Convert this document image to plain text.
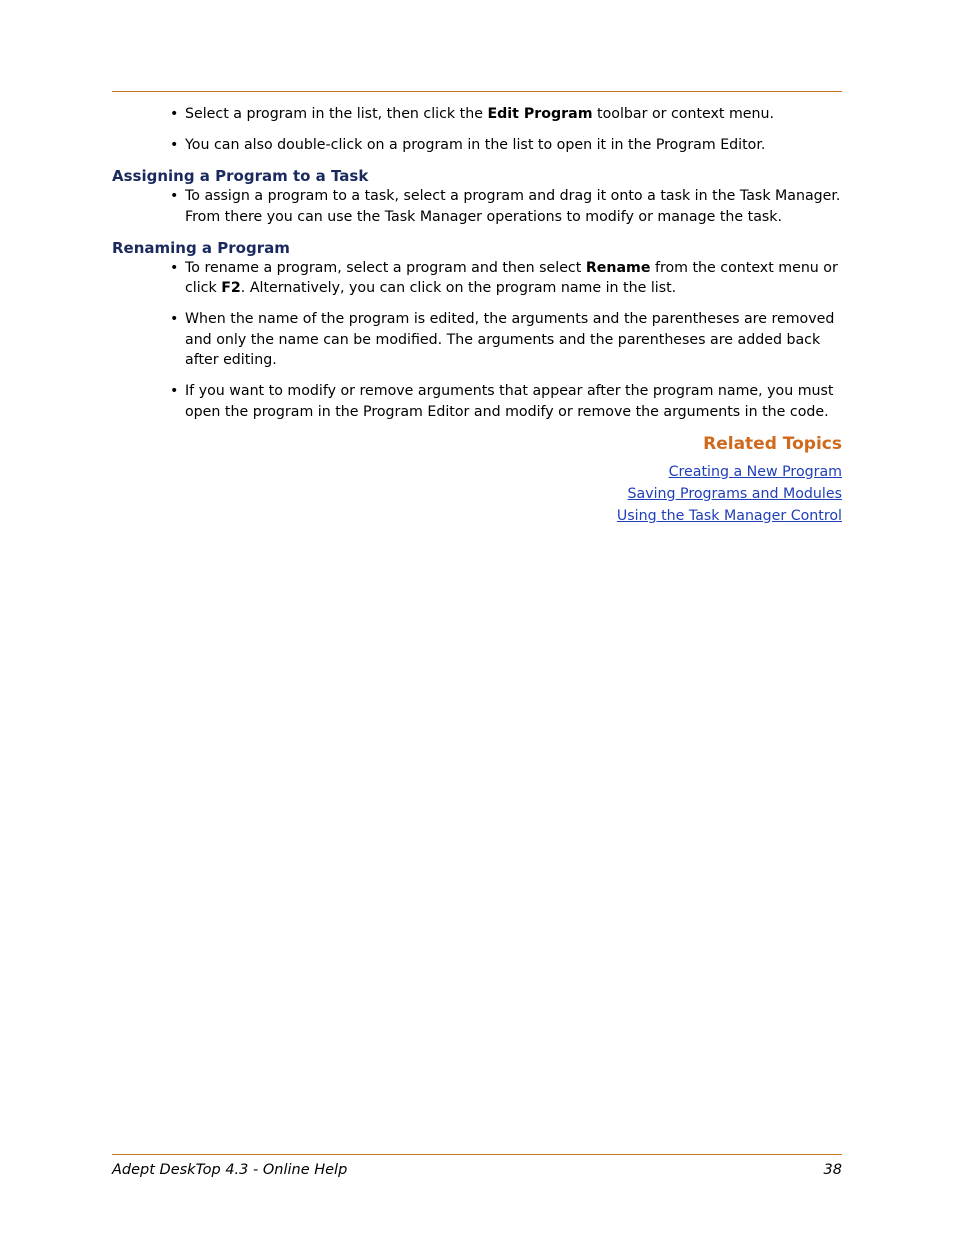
• Select a program in the list, then click the Edit Program toolbar or context menu.
• You can also double-click on a program in the list to open it in the Program Editor.
Assigning a Program to a Task
• To assign a program to a task, select a program and drag it onto a task in the Task Manager. From there you can use the Task Manager operations to modify or manage the task.
Renaming a Program
• To rename a program, select a program and then select Rename from the context menu or click F2. Alternatively, you can click on the program name in the list.
• When the name of the program is edited, the arguments and the parentheses are removed and only the name can be modified. The arguments and the parentheses are added back after editing.
• If you want to modify or remove arguments that appear after the program name, you must open the program in the Program Editor and modify or remove the arguments in the code.
Related Topics
Creating a New Program
Saving Programs and Modules
Using the Task Manager Control
Adept DeskTop 4.3 - Online Help	38
